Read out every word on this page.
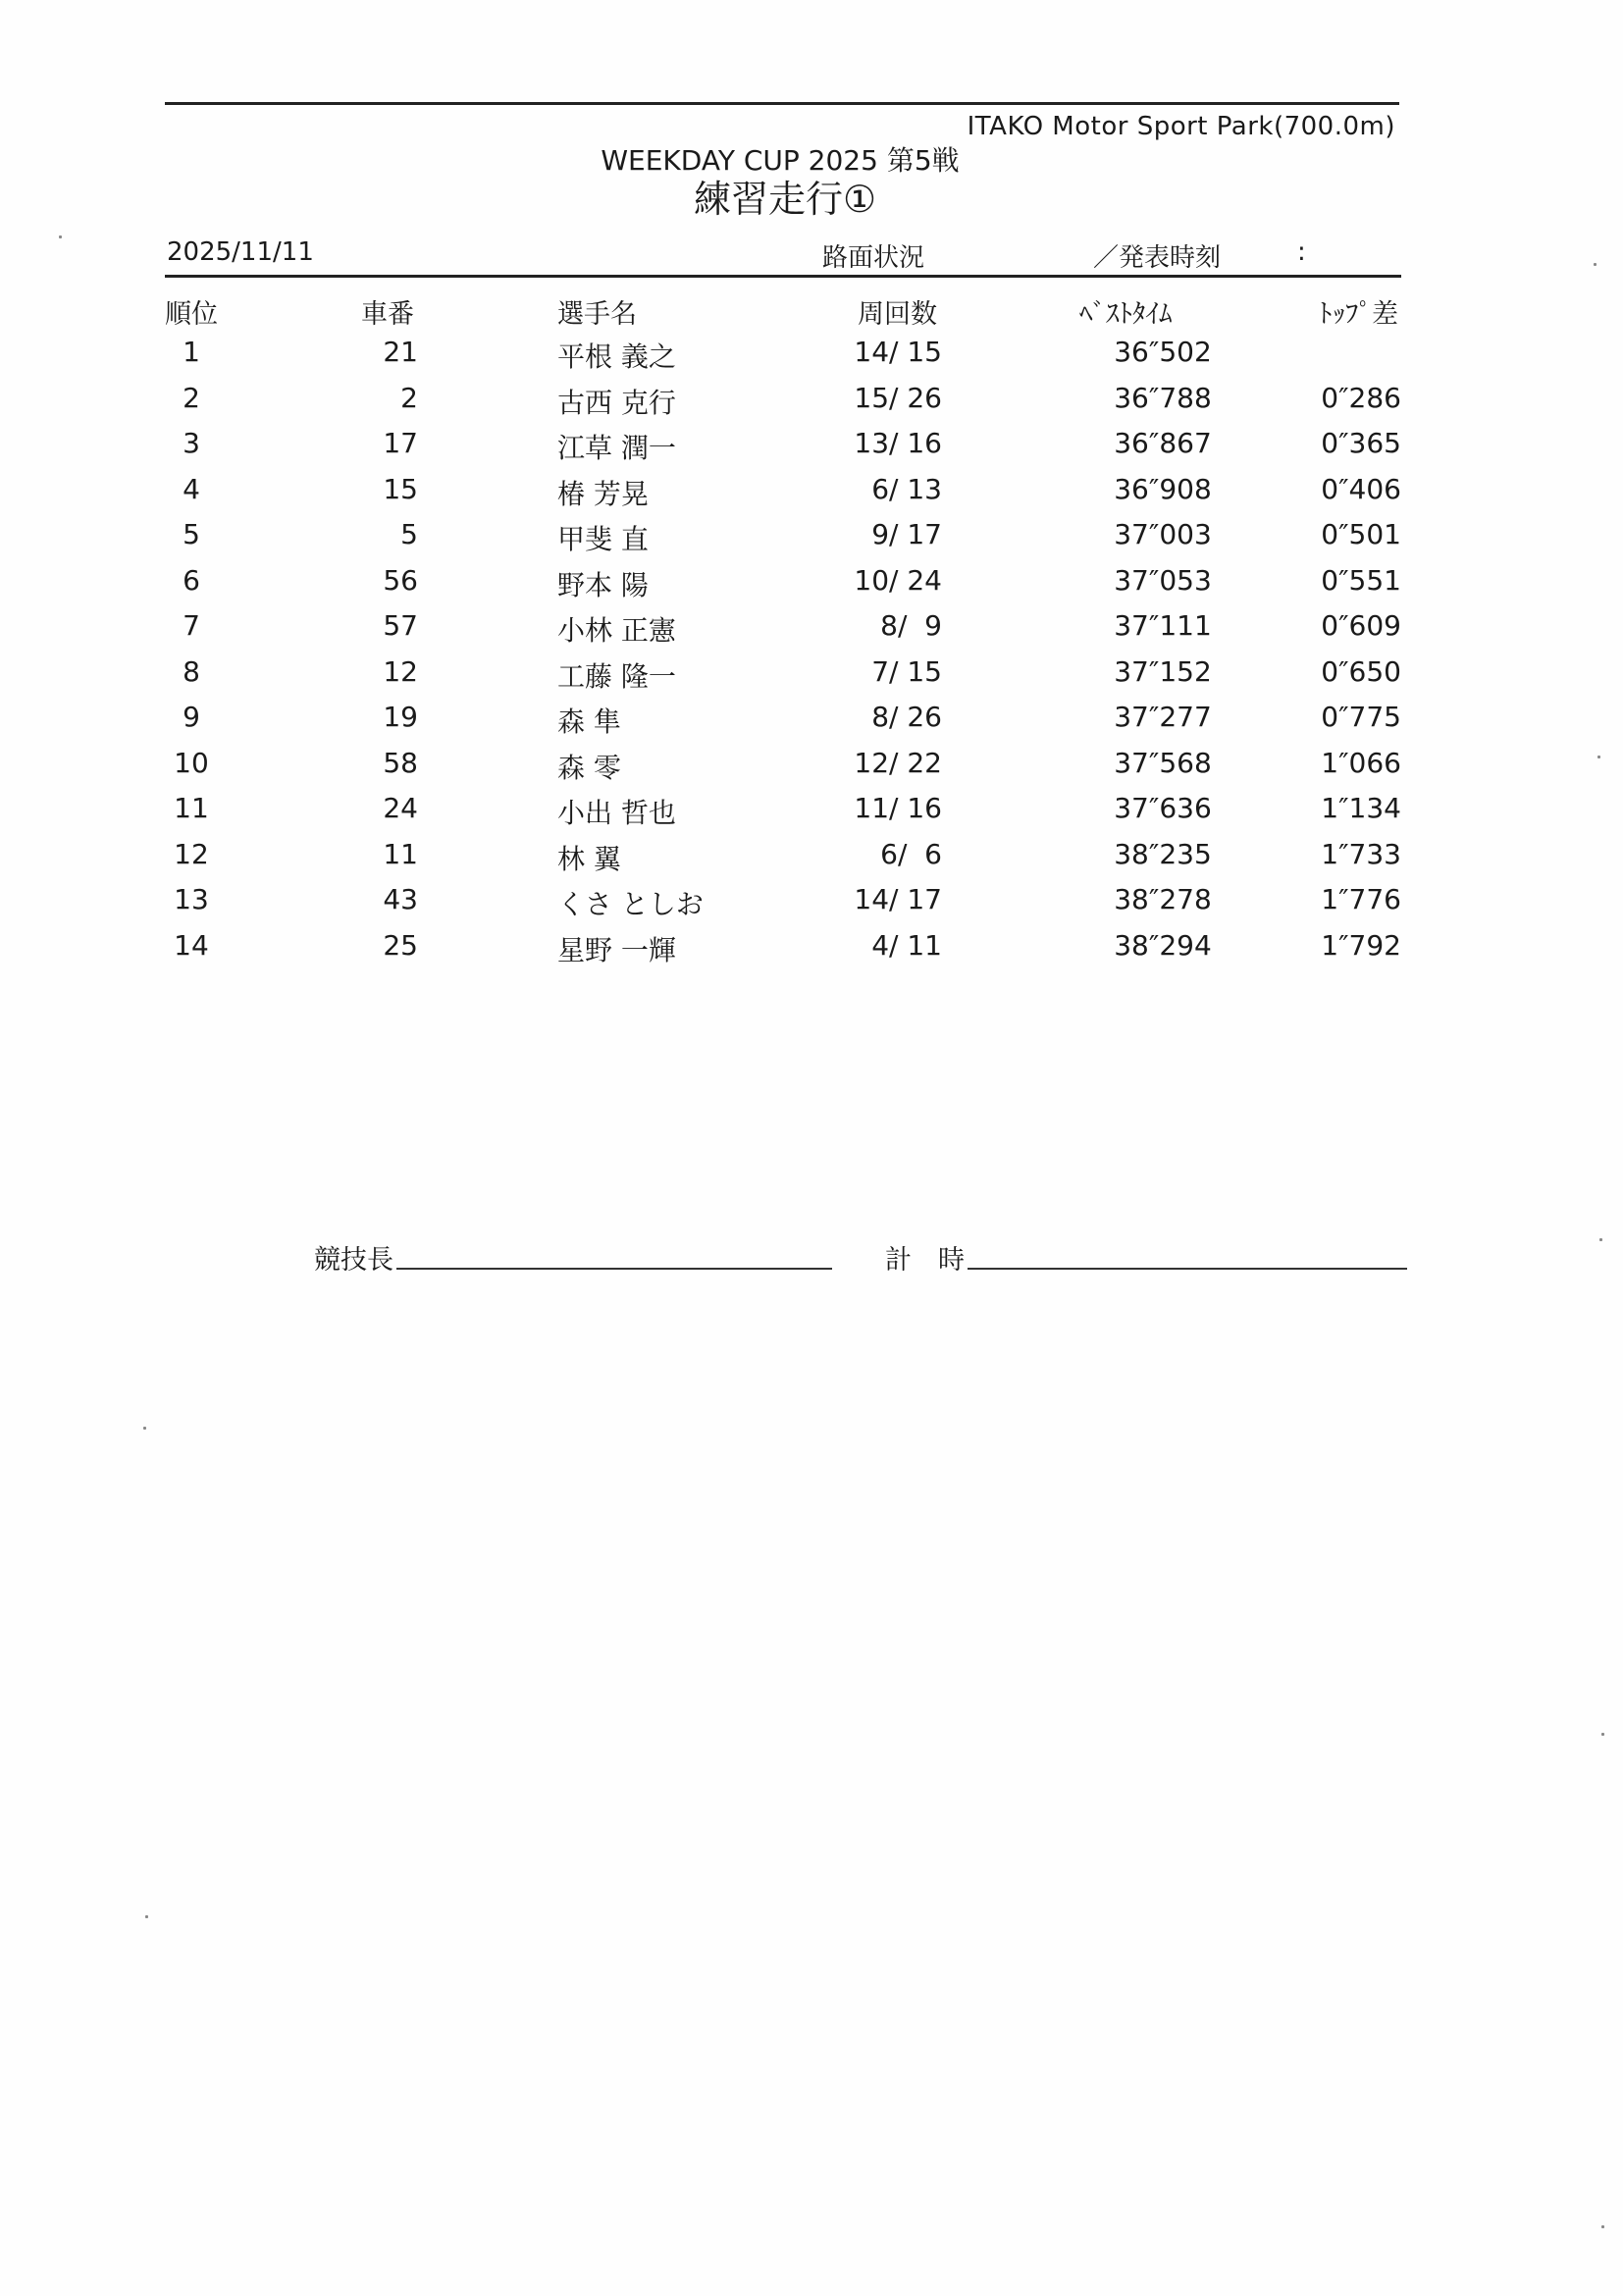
ITAKO Motor Sport Park(700.0m)
WEEKDAY CUP 2025 第5戦
練習走行①
2025/11/11	路面状況	／発表時刻	:
順位	車番	選手名	周回数	ﾍﾞｽﾄﾀｲﾑ	ﾄｯﾌﾟ差
1	21	平根 義之	14/ 15	36″502
2	2	古西 克行	15/ 26	36″788	0″286
3	17	江草 潤一	13/ 16	36″867	0″365
4	15	椿 芳晃	6/ 13	36″908	0″406
5	5	甲斐 直	9/ 17	37″003	0″501
6	56	野本 陽	10/ 24	37″053	0″551
7	57	小林 正憲	8/  9	37″111	0″609
8	12	工藤 隆一	7/ 15	37″152	0″650
9	19	森 隼	8/ 26	37″277	0″775
10	58	森 零	12/ 22	37″568	1″066
11	24	小出 哲也	11/ 16	37″636	1″134
12	11	林 翼	6/  6	38″235	1″733
13	43	くさ としお	14/ 17	38″278	1″776
14	25	星野 一輝	4/ 11	38″294	1″792
競技長	計　時
